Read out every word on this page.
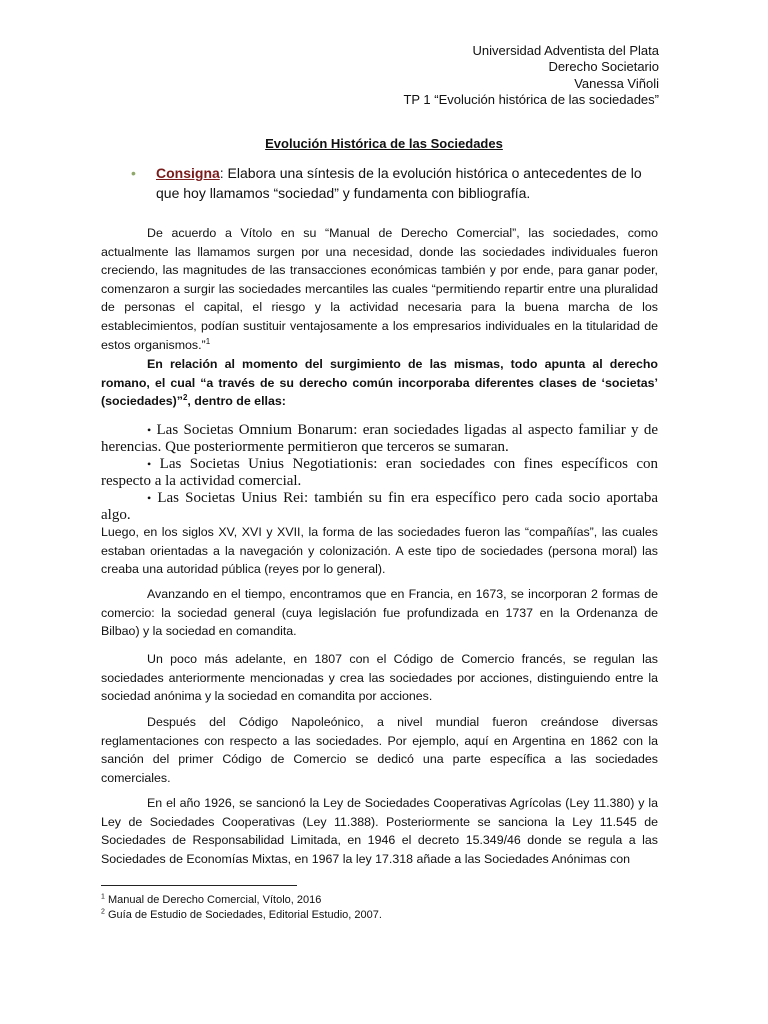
Universidad Adventista del Plata
Derecho Societario
Vanessa Viñoli
TP 1 “Evolución histórica de las sociedades”
Evolución Histórica de las Sociedades
• Consigna: Elabora una síntesis de la evolución histórica o antecedentes de lo que hoy llamamos “sociedad” y fundamenta con bibliografía.

De acuerdo a Vítolo en su “Manual de Derecho Comercial”, las sociedades, como actualmente las llamamos surgen por una necesidad, donde las sociedades individuales fueron creciendo, las magnitudes de las transacciones económicas también y por ende, para ganar poder, comenzaron a surgir las sociedades mercantiles las cuales “permitiendo repartir entre una pluralidad de personas el capital, el riesgo y la actividad necesaria para la buena marcha de los establecimientos, podían sustituir ventajosamente a los empresarios individuales en la titularidad de estos organismos.”$^1$

En relación al momento del surgimiento de las mismas, todo apunta al derecho romano, el cual “a través de su derecho común incorporaba diferentes clases de ‘societas’ (sociedades)”$^2$, dentro de ellas:

• Las Societas Omnium Bonarum: eran sociedades ligadas al aspecto familiar y de herencias. Que posteriormente permitieron que terceros se sumaran.

• Las Societas Unius Negotiationis: eran sociedades con fines específicos con respecto a la actividad comercial.

• Las Societas Unius Rei: también su fin era específico pero cada socio aportaba algo.

Luego, en los siglos XV, XVI y XVII, la forma de las sociedades fueron las “compañías”, las cuales estaban orientadas a la navegación y colonización. A este tipo de sociedades (persona moral) las creaba una autoridad pública (reyes por lo general).

Avanzando en el tiempo, encontramos que en Francia, en 1673, se incorporan 2 formas de comercio: la sociedad general (cuya legislación fue profundizada en 1737 en la Ordenanza de Bilbao) y la sociedad en comandita.

Un poco más adelante, en 1807 con el Código de Comercio francés, se regulan las sociedades anteriormente mencionadas y crea las sociedades por acciones, distinguiendo entre la sociedad anónima y la sociedad en comandita por acciones.

Después del Código Napoleónico, a nivel mundial fueron creándose diversas reglamentaciones con respecto a las sociedades. Por ejemplo, aquí en Argentina en 1862 con la sanción del primer Código de Comercio se dedicó una parte específica a las sociedades comerciales.

En el año 1926, se sancionó la Ley de Sociedades Cooperativas Agrícolas (Ley 11.380) y la Ley de Sociedades Cooperativas (Ley 11.388). Posteriormente se sanciona la Ley 11.545 de Sociedades de Responsabilidad Limitada, en 1946 el decreto 15.349/46 donde se regula a las Sociedades de Economías Mixtas, en 1967 la ley 17.318 añade a las Sociedades Anónimas con

$^1$ Manual de Derecho Comercial, Vítolo, 2016
$^2$ Guía de Estudio de Sociedades, Editorial Estudio, 2007.
